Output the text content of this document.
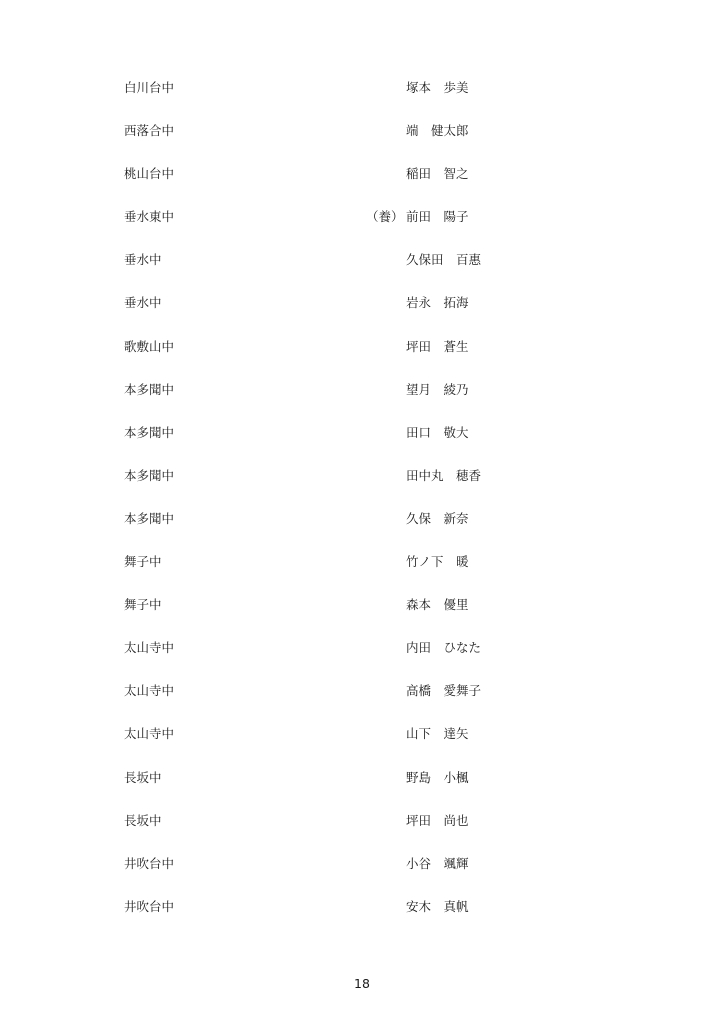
白川台中	塚本　歩美
西落合中	端　健太郎
桃山台中	稲田　智之
垂水東中	（養） 前田　陽子
垂水中	久保田　百惠
垂水中	岩永　拓海
歌敷山中	坪田　蒼生
本多聞中	望月　綾乃
本多聞中	田口　敬大
本多聞中	田中丸　穂香
本多聞中	久保　新奈
舞子中	竹ノ下　暖
舞子中	森本　優里
太山寺中	内田　ひなた
太山寺中	高橋　愛舞子
太山寺中	山下　達矢
長坂中	野島　小楓
長坂中	坪田　尚也
井吹台中	小谷　颯輝
井吹台中	安木　真帆
18
